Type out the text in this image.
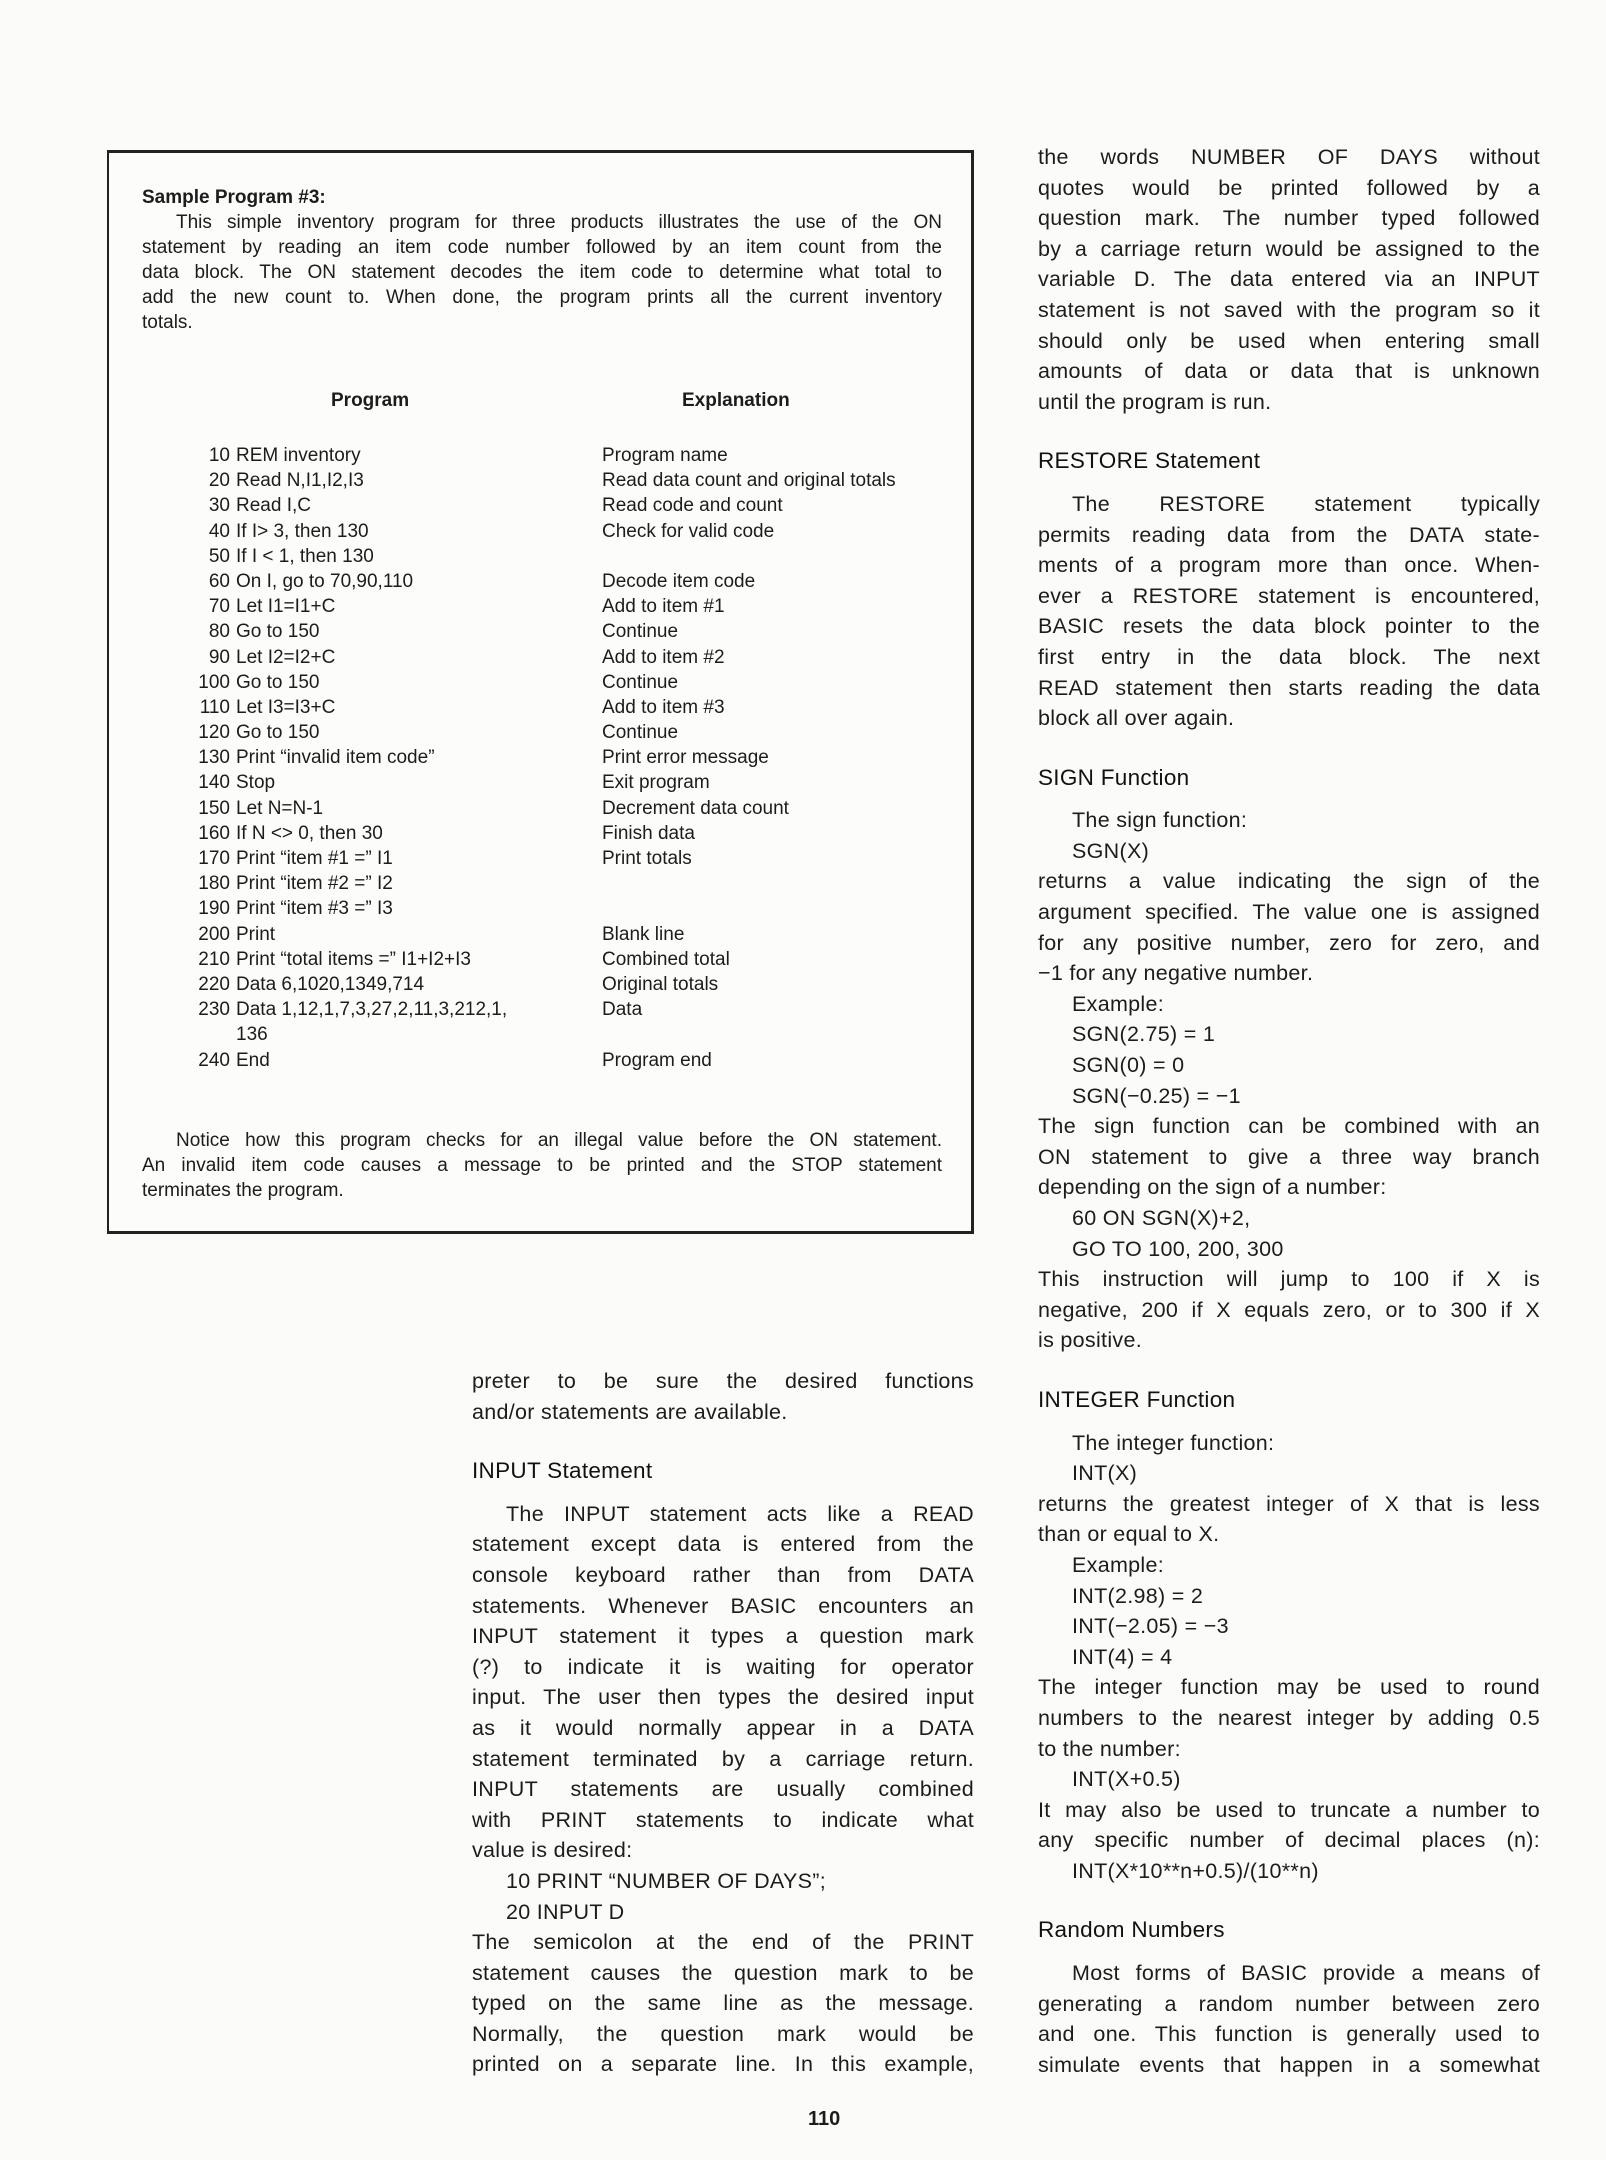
Sample Program #3:
This simple inventory program for three products illustrates the use of the ON
statement by reading an item code number followed by an item count from the
data block. The ON statement decodes the item code to determine what total to
add the new count to. When done, the program prints all the current inventory
totals.
Program	Explanation
10 REM inventory	Program name
20 Read N,I1,I2,I3	Read data count and original totals
30 Read I,C	Read code and count
40 If I> 3, then 130	Check for valid code
50 If I < 1, then 130
60 On I, go to 70,90,110	Decode item code
70 Let I1=I1+C	Add to item #1
80 Go to 150	Continue
90 Let I2=I2+C	Add to item #2
100 Go to 150	Continue
110 Let I3=I3+C	Add to item #3
120 Go to 150	Continue
130 Print “invalid item code”	Print error message
140 Stop	Exit program
150 Let N=N-1	Decrement data count
160 If N <> 0, then 30	Finish data
170 Print “item #1 =” I1	Print totals
180 Print “item #2 =” I2
190 Print “item #3 =” I3
200 Print	Blank line
210 Print “total items =” I1+I2+I3	Combined total
220 Data 6,1020,1349,714	Original totals
230 Data 1,12,1,7,3,27,2,11,3,212,1,	Data
136
240 End	Program end
Notice how this program checks for an illegal value before the ON statement.
An invalid item code causes a message to be printed and the STOP statement
terminates the program.
preter to be sure the desired functions
and/or statements are available.
INPUT Statement
The INPUT statement acts like a READ
statement except data is entered from the
console keyboard rather than from DATA
statements. Whenever BASIC encounters an
INPUT statement it types a question mark
(?) to indicate it is waiting for operator
input. The user then types the desired input
as it would normally appear in a DATA
statement terminated by a carriage return.
INPUT statements are usually combined
with PRINT statements to indicate what
value is desired:
10 PRINT “NUMBER OF DAYS”;
20 INPUT D
The semicolon at the end of the PRINT
statement causes the question mark to be
typed on the same line as the message.
Normally, the question mark would be
printed on a separate line. In this example,
the words NUMBER OF DAYS without
quotes would be printed followed by a
question mark. The number typed followed
by a carriage return would be assigned to the
variable D. The data entered via an INPUT
statement is not saved with the program so it
should only be used when entering small
amounts of data or data that is unknown
until the program is run.
RESTORE Statement
The RESTORE statement typically
permits reading data from the DATA state-
ments of a program more than once. When-
ever a RESTORE statement is encountered,
BASIC resets the data block pointer to the
first entry in the data block. The next
READ statement then starts reading the data
block all over again.
SIGN Function
The sign function:
SGN(X)
returns a value indicating the sign of the
argument specified. The value one is assigned
for any positive number, zero for zero, and
−1 for any negative number.
Example:
SGN(2.75) = 1
SGN(0) = 0
SGN(−0.25) = −1
The sign function can be combined with an
ON statement to give a three way branch
depending on the sign of a number:
60 ON SGN(X)+2,
GO TO 100, 200, 300
This instruction will jump to 100 if X is
negative, 200 if X equals zero, or to 300 if X
is positive.
INTEGER Function
The integer function:
INT(X)
returns the greatest integer of X that is less
than or equal to X.
Example:
INT(2.98) = 2
INT(−2.05) = −3
INT(4) = 4
The integer function may be used to round
numbers to the nearest integer by adding 0.5
to the number:
INT(X+0.5)
It may also be used to truncate a number to
any specific number of decimal places (n):
INT(X*10**n+0.5)/(10**n)
Random Numbers
Most forms of BASIC provide a means of
generating a random number between zero
and one. This function is generally used to
simulate events that happen in a somewhat
110
